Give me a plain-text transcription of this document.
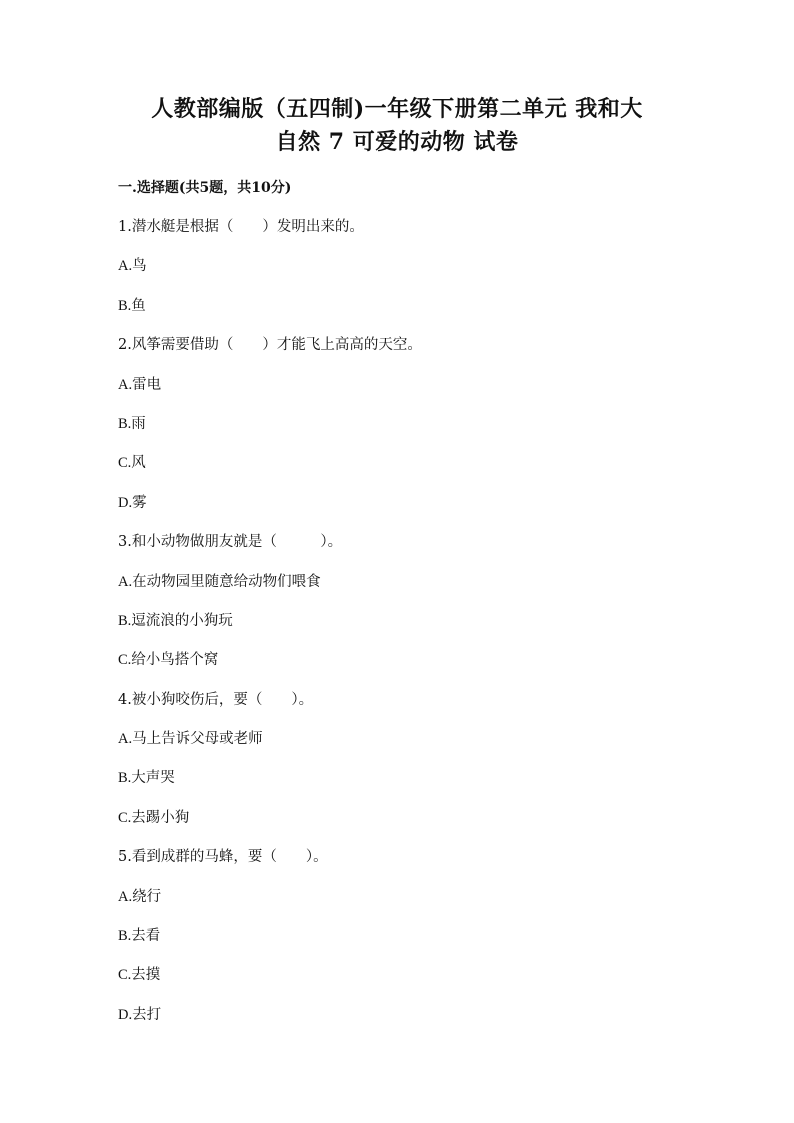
人教部编版（五四制)一年级下册第二单元 我和大
自然 7 可爱的动物 试卷
一.选择题(共5题，共10分)
1.潜水艇是根据（　　）发明出来的。
A.鸟
B.鱼
2.风筝需要借助（　　）才能飞上高高的天空。
A.雷电
B.雨
C.风
D.雾
3.和小动物做朋友就是（　　　）。
A.在动物园里随意给动物们喂食
B.逗流浪的小狗玩
C.给小鸟搭个窝
4.被小狗咬伤后，要（　　）。
A.马上告诉父母或老师
B.大声哭
C.去踢小狗
5.看到成群的马蜂，要（　　）。
A.绕行
B.去看
C.去摸
D.去打
